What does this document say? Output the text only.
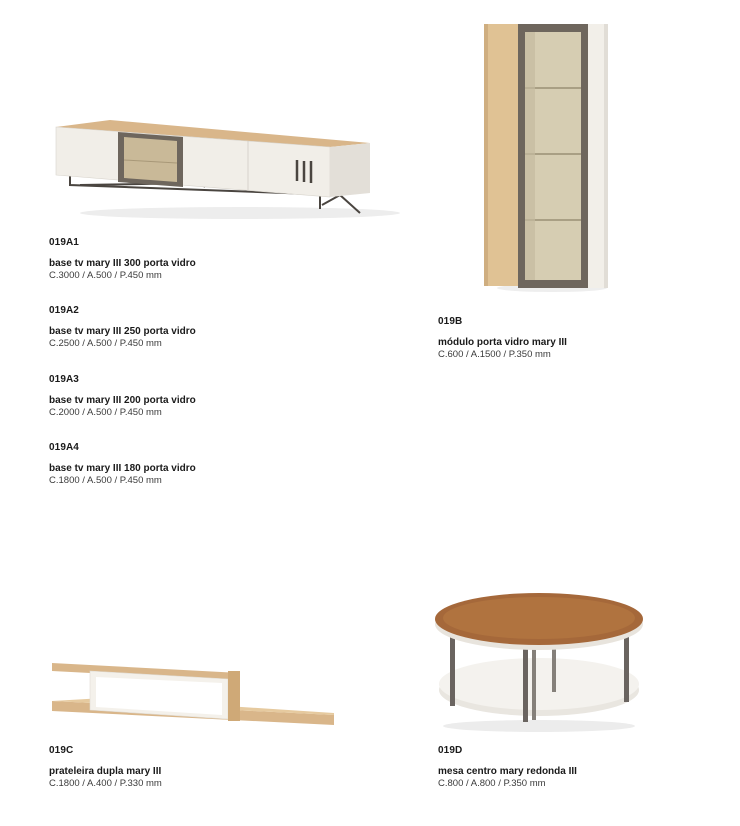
019A1
base tv mary III 300 porta vidro
C.3000 / A.500 / P.450 mm
019A2
base tv mary III 250 porta vidro
C.2500 / A.500 / P.450 mm
019A3
base tv mary III 200 porta vidro
C.2000 / A.500 / P.450 mm
019A4
base tv mary III 180 porta vidro
C.1800 / A.500 / P.450 mm
019B
módulo porta vidro mary III
C.600 / A.1500 / P.350 mm
019C
prateleira dupla mary III
C.1800 / A.400 / P.330 mm
019D
mesa centro mary redonda III
C.800 / A.800 / P.350 mm
